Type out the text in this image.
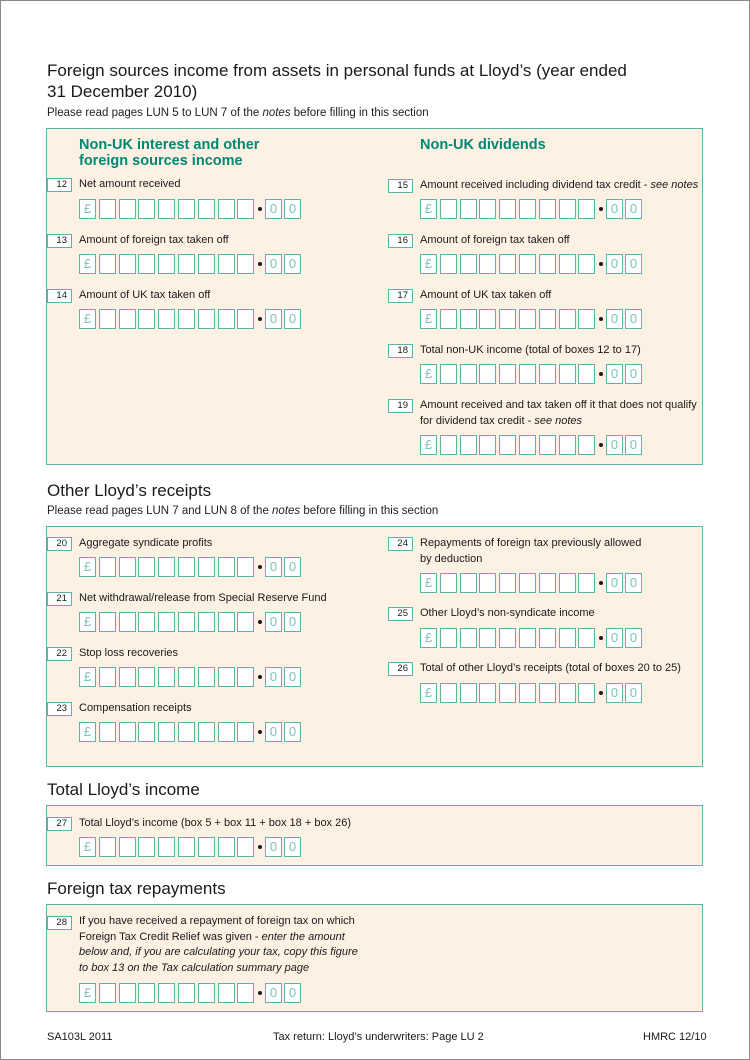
Foreign sources income from assets in personal funds at Lloyd’s (year ended
31 December 2010)

Please read pages LUN 5 to LUN 7 of the notes before filling in this section

Non-UK interest and other
foreign sources income
Non-UK dividends
12	Net amount received
£	0 0
13	Amount of foreign tax taken off
£	0 0
14	Amount of UK tax taken off
£	0 0
15	Amount received including dividend tax credit - see notes
£	0 0
16	Amount of foreign tax taken off
£	0 0
17	Amount of UK tax taken off
£	0 0
18	Total non-UK income (total of boxes 12 to 17)
£	0 0
19	Amount received and tax taken off it that does not qualify
for dividend tax credit - see notes
£	0 0
Other Lloyd’s receipts

Please read pages LUN 7 and LUN 8 of the notes before filling in this section

20	Aggregate syndicate profits
£	0 0
21	Net withdrawal/release from Special Reserve Fund
£	0 0
22	Stop loss recoveries
£	0 0
23	Compensation receipts
£	0 0
24	Repayments of foreign tax previously allowed
by deduction
£	0 0
25	Other Lloyd’s non-syndicate income
£	0 0
26	Total of other Lloyd’s receipts (total of boxes 20 to 25)
£	0 0
Total Lloyd’s income
27	Total Lloyd’s income (box 5 + box 11 + box 18 + box 26)
£	0 0
Foreign tax repayments
28	If you have received a repayment of foreign tax on which
Foreign Tax Credit Relief was given - enter the amount
below and, if you are calculating your tax, copy this figure
to box 13 on the Tax calculation summary page
£	0 0

SA103L 2011	Tax return: Lloyd’s underwriters: Page LU 2	HMRC 12/10
